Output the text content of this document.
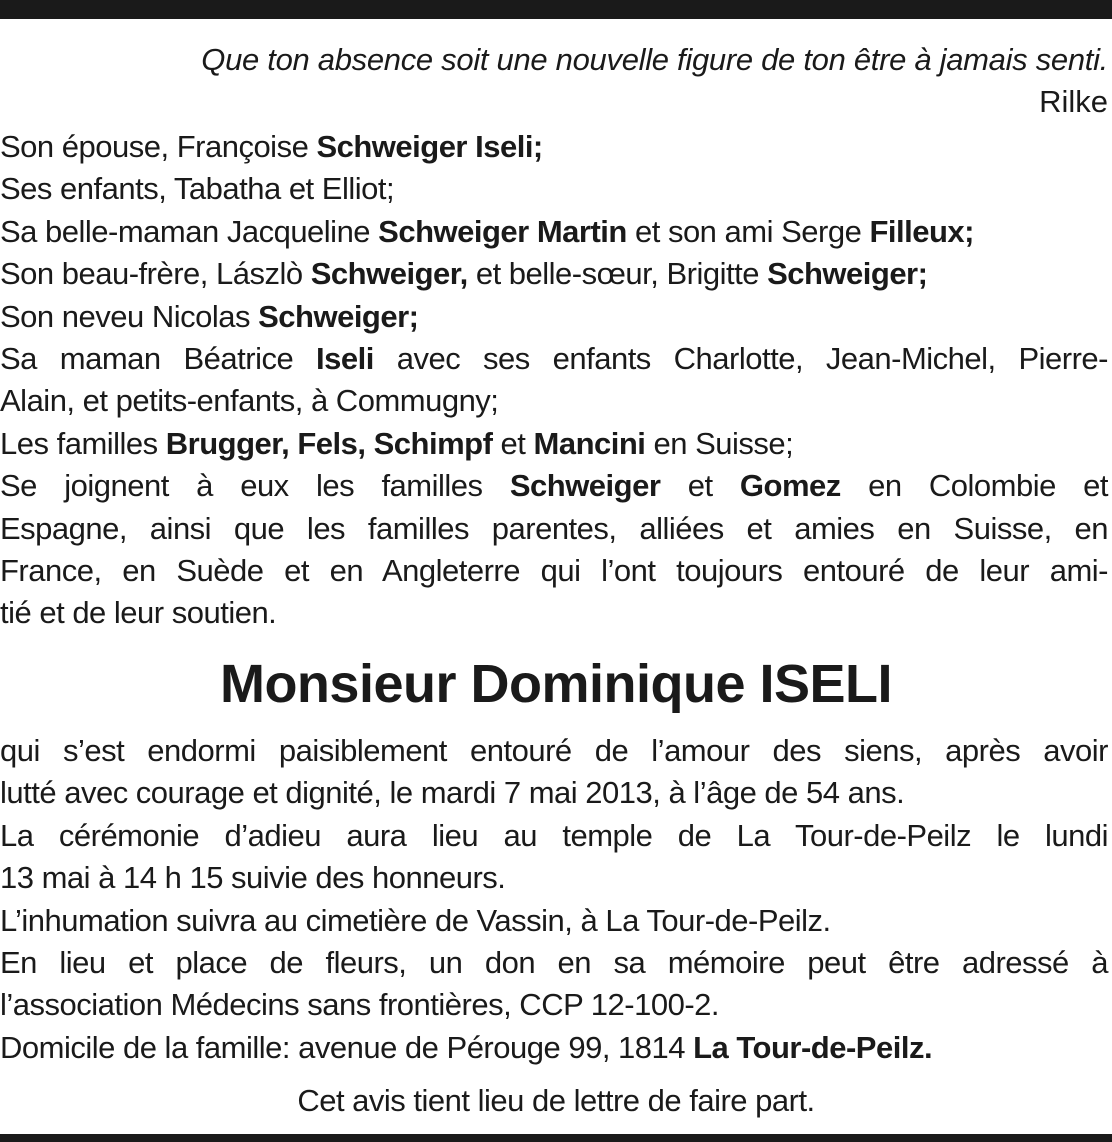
Que ton absence soit une nouvelle figure de ton être à jamais senti.
Rilke
Son épouse, Françoise Schweiger Iseli;
Ses enfants, Tabatha et Elliot;
Sa belle-maman Jacqueline Schweiger Martin et son ami Serge Filleux;
Son beau-frère, Lászlò Schweiger, et belle-sœur, Brigitte Schweiger;
Son neveu Nicolas Schweiger;
Sa maman Béatrice Iseli avec ses enfants Charlotte, Jean-Michel, Pierre-
Alain, et petits-enfants, à Commugny;
Les familles Brugger, Fels, Schimpf et Mancini en Suisse;
Se joignent à eux les familles Schweiger et Gomez en Colombie et
Espagne, ainsi que les familles parentes, alliées et amies en Suisse, en
France, en Suède et en Angleterre qui l’ont toujours entouré de leur ami-
tié et de leur soutien.
Monsieur Dominique ISELI
qui s’est endormi paisiblement entouré de l’amour des siens, après avoir
lutté avec courage et dignité, le mardi 7 mai 2013, à l’âge de 54 ans.
La cérémonie d’adieu aura lieu au temple de La Tour-de-Peilz le lundi
13 mai à 14 h 15 suivie des honneurs.
L’inhumation suivra au cimetière de Vassin, à La Tour-de-Peilz.
En lieu et place de fleurs, un don en sa mémoire peut être adressé à
l’association Médecins sans frontières, CCP 12-100-2.
Domicile de la famille: avenue de Pérouge 99, 1814 La Tour-de-Peilz.
Cet avis tient lieu de lettre de faire part.
